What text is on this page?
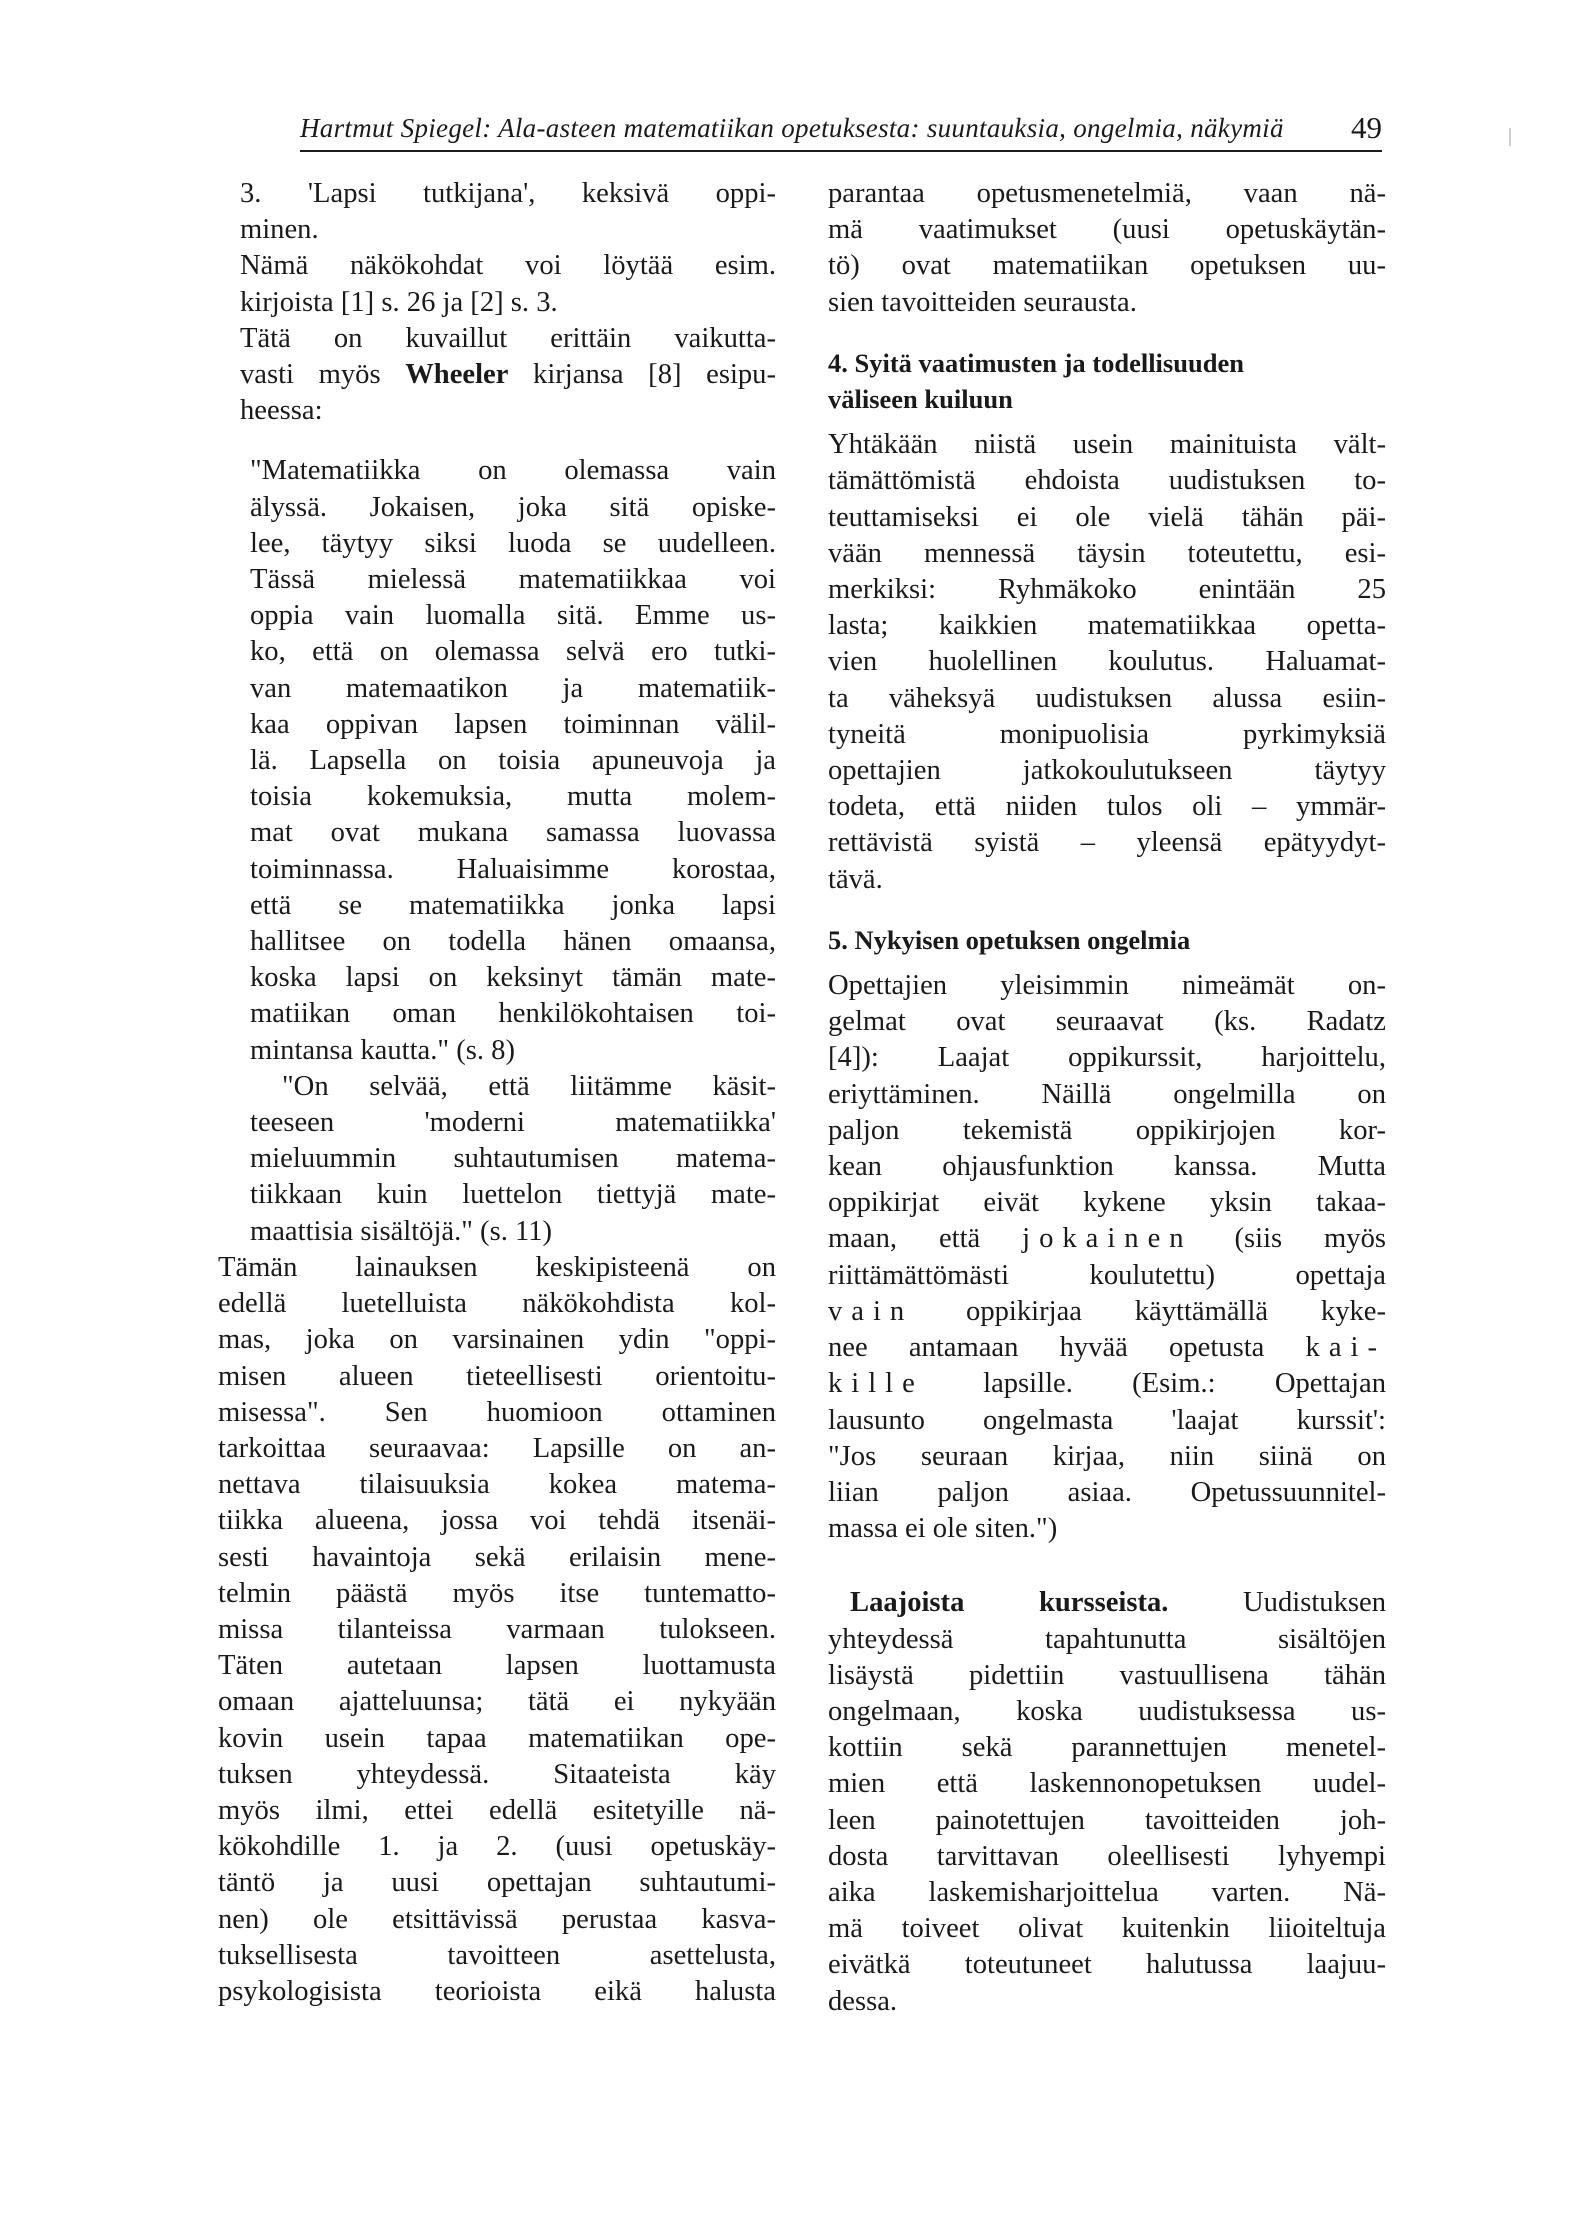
Hartmut Spiegel: Ala-asteen matematiikan opetuksesta: suuntauksia, ongelmia, näkymiä 49
3. 'Lapsi tutkijana', keksivä oppi-
minen.
Nämä näkökohdat voi löytää esim.
kirjoista [1] s. 26 ja [2] s. 3.
Tätä on kuvaillut erittäin vaikutta-
vasti myös Wheeler kirjansa [8] esipu-
heessa:
"Matematiikka on olemassa vain
älyssä. Jokaisen, joka sitä opiske-
lee, täytyy siksi luoda se uudelleen.
Tässä mielessä matematiikkaa voi
oppia vain luomalla sitä. Emme us-
ko, että on olemassa selvä ero tutki-
van matemaatikon ja matematiik-
kaa oppivan lapsen toiminnan välil-
lä. Lapsella on toisia apuneuvoja ja
toisia kokemuksia, mutta molem-
mat ovat mukana samassa luovassa
toiminnassa. Haluaisimme korostaa,
että se matematiikka jonka lapsi
hallitsee on todella hänen omaansa,
koska lapsi on keksinyt tämän mate-
matiikan oman henkilökohtaisen toi-
mintansa kautta." (s. 8)
"On selvää, että liitämme käsit-
teeseen 'moderni matematiikka'
mieluummin suhtautumisen matema-
tiikkaan kuin luettelon tiettyjä mate-
maattisia sisältöjä." (s. 11)
Tämän lainauksen keskipisteenä on
edellä luetelluista näkökohdista kol-
mas, joka on varsinainen ydin "oppi-
misen alueen tieteellisesti orientoitu-
misessa". Sen huomioon ottaminen
tarkoittaa seuraavaa: Lapsille on an-
nettava tilaisuuksia kokea matema-
tiikka alueena, jossa voi tehdä itsenäi-
sesti havaintoja sekä erilaisin mene-
telmin päästä myös itse tuntematto-
missa tilanteissa varmaan tulokseen.
Täten autetaan lapsen luottamusta
omaan ajatteluunsa; tätä ei nykyään
kovin usein tapaa matematiikan ope-
tuksen yhteydessä. Sitaateista käy
myös ilmi, ettei edellä esitetyille nä-
kökohdille 1. ja 2. (uusi opetuskäy-
täntö ja uusi opettajan suhtautumi-
nen) ole etsittävissä perustaa kasva-
tuksellisesta tavoitteen asettelusta,
psykologisista teorioista eikä halusta
parantaa opetusmenetelmiä, vaan nä-
mä vaatimukset (uusi opetuskäytän-
tö) ovat matematiikan opetuksen uu-
sien tavoitteiden seurausta.
4. Syitä vaatimusten ja todellisuuden
väliseen kuiluun
Yhtäkään niistä usein mainituista vält-
tämättömistä ehdoista uudistuksen to-
teuttamiseksi ei ole vielä tähän päi-
vään mennessä täysin toteutettu, esi-
merkiksi: Ryhmäkoko enintään 25
lasta; kaikkien matematiikkaa opetta-
vien huolellinen koulutus. Haluamat-
ta väheksyä uudistuksen alussa esiin-
tyneitä monipuolisia pyrkimyksiä
opettajien jatkokoulutukseen täytyy
todeta, että niiden tulos oli – ymmär-
rettävistä syistä – yleensä epätyydyt-
tävä.
5. Nykyisen opetuksen ongelmia
Opettajien yleisimmin nimeämät on-
gelmat ovat seuraavat (ks. Radatz
[4]): Laajat oppikurssit, harjoittelu,
eriyttäminen. Näillä ongelmilla on
paljon tekemistä oppikirjojen kor-
kean ohjausfunktion kanssa. Mutta
oppikirjat eivät kykene yksin takaa-
maan, että jokainen (siis myös
riittämättömästi koulutettu) opettaja
vain oppikirjaa käyttämällä kyke-
nee antamaan hyvää opetusta kai-
kille lapsille. (Esim.: Opettajan
lausunto ongelmasta 'laajat kurssit':
"Jos seuraan kirjaa, niin siinä on
liian paljon asiaa. Opetussuunnitel-
massa ei ole siten.")
Laajoista kursseista.	Uudistuksen
yhteydessä tapahtunutta sisältöjen
lisäystä pidettiin vastuullisena tähän
ongelmaan, koska uudistuksessa us-
kottiin sekä parannettujen menetel-
mien että laskennonopetuksen uudel-
leen painotettujen tavoitteiden joh-
dosta tarvittavan oleellisesti lyhyempi
aika laskemisharjoittelua varten. Nä-
mä toiveet olivat kuitenkin liioiteltuja
eivätkä toteutuneet halutussa laajuu-
dessa.
